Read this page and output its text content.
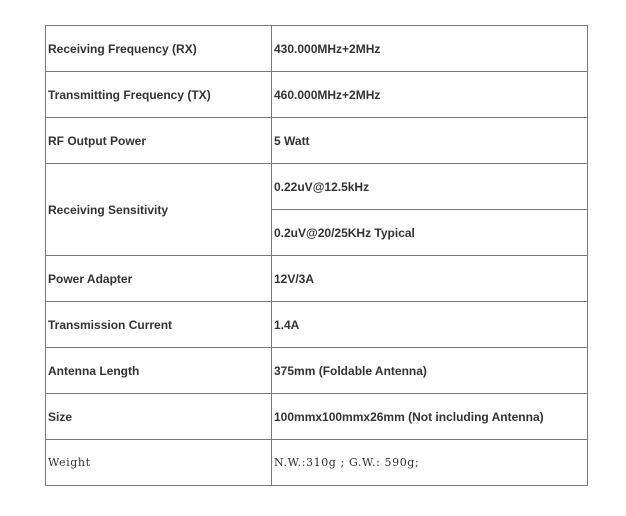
Receiving Frequency (RX)	430.000MHz+2MHz
Transmitting Frequency (TX)	460.000MHz+2MHz
RF Output Power	5 Watt
Receiving Sensitivity	0.22uV@12.5kHz
	0.2uV@20/25KHz Typical
Power Adapter	12V/3A
Transmission Current	1.4A
Antenna Length	375mm (Foldable Antenna)
Size	100mmx100mmx26mm (Not including Antenna)
Weight	N.W.:310g ; G.W.: 590g;
